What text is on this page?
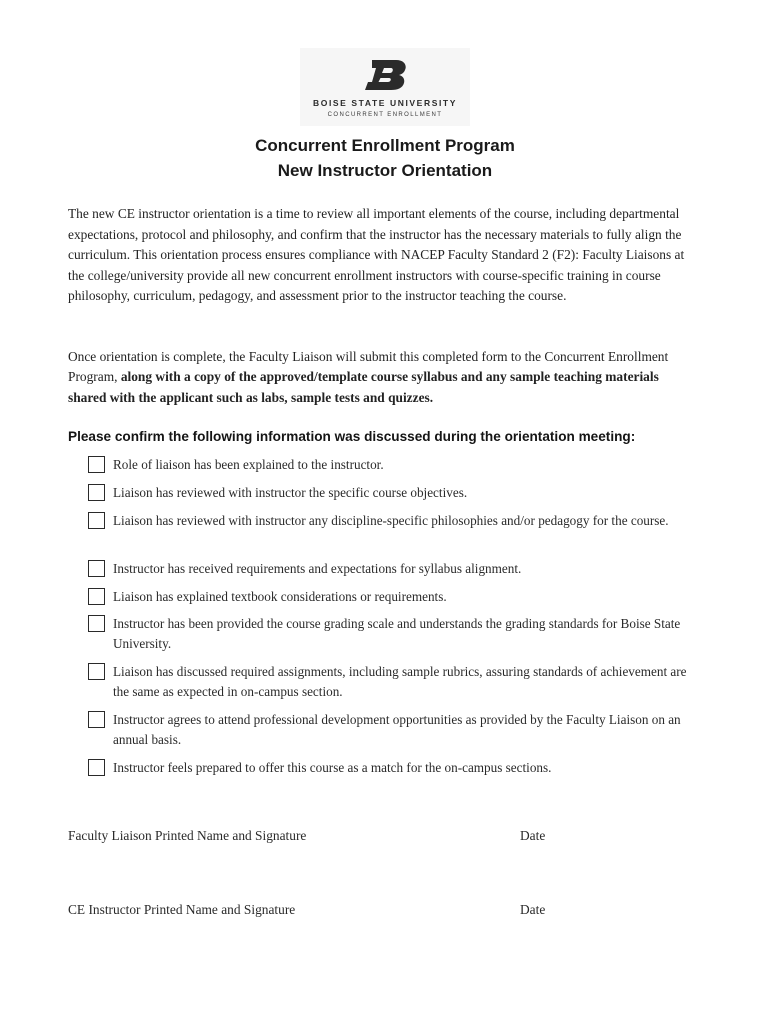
BOISE STATE UNIVERSITY
CONCURRENT ENROLLMENT
Concurrent Enrollment Program
New Instructor Orientation
The new CE instructor orientation is a time to review all important elements of the course, including departmental expectations, protocol and philosophy, and confirm that the instructor has the necessary materials to fully align the curriculum. This orientation process ensures compliance with NACEP Faculty Standard 2 (F2): Faculty Liaisons at the college/university provide all new concurrent enrollment instructors with course-specific training in course philosophy, curriculum, pedagogy, and assessment prior to the instructor teaching the course.
Once orientation is complete, the Faculty Liaison will submit this completed form to the Concurrent Enrollment Program, along with a copy of the approved/template course syllabus and any sample teaching materials shared with the applicant such as labs, sample tests and quizzes.
Please confirm the following information was discussed during the orientation meeting:
Role of liaison has been explained to the instructor.
Liaison has reviewed with instructor the specific course objectives.
Liaison has reviewed with instructor any discipline-specific philosophies and/or pedagogy for the course.
Instructor has received requirements and expectations for syllabus alignment.
Liaison has explained textbook considerations or requirements.
Instructor has been provided the course grading scale and understands the grading standards for Boise State University.
Liaison has discussed required assignments, including sample rubrics, assuring standards of achievement are the same as expected in on-campus section.
Instructor agrees to attend professional development opportunities as provided by the Faculty Liaison on an annual basis.
Instructor feels prepared to offer this course as a match for the on-campus sections.
Faculty Liaison Printed Name and Signature	Date
CE Instructor Printed Name and Signature	Date
